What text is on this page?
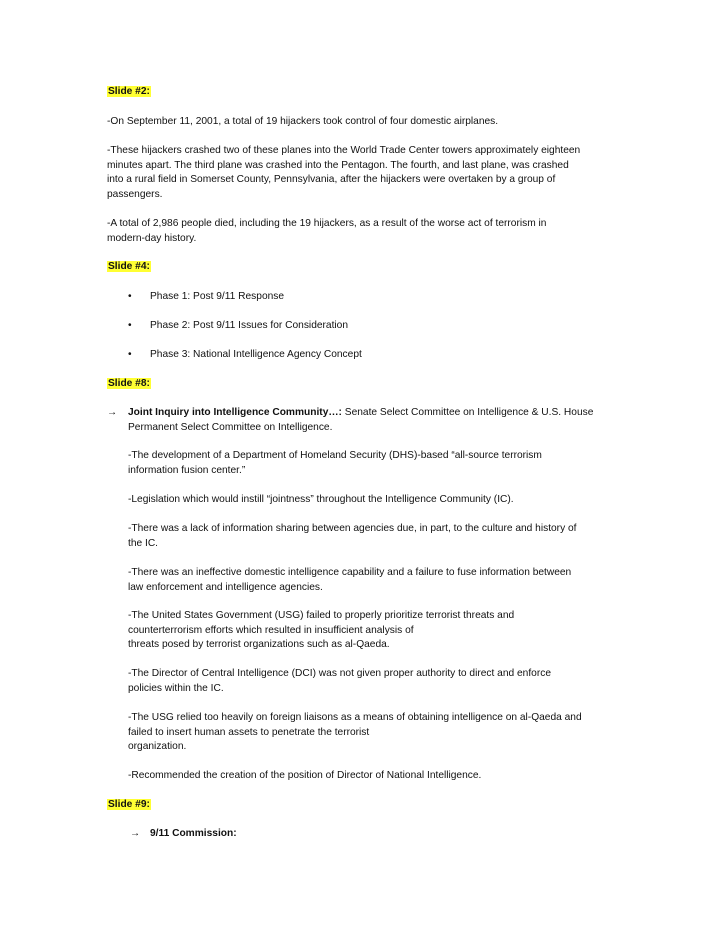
Slide #2:
-On September 11, 2001, a total of 19 hijackers took control of four domestic airplanes.
-These hijackers crashed two of these planes into the World Trade Center towers approximately eighteen
minutes apart. The third plane was crashed into the Pentagon. The fourth, and last plane, was crashed
into a rural field in Somerset County, Pennsylvania, after the hijackers were overtaken by a group of
passengers.
-A total of 2,986 people died, including the 19 hijackers, as a result of the worse act of terrorism in
modern-day history.
Slide #4:
• Phase 1: Post 9/11 Response
• Phase 2: Post 9/11 Issues for Consideration
• Phase 3: National Intelligence Agency Concept
Slide #8:
→ Joint Inquiry into Intelligence Community…: Senate Select Committee on Intelligence & U.S. House
Permanent Select Committee on Intelligence.
-The development of a Department of Homeland Security (DHS)-based “all-source terrorism
information fusion center.”
-Legislation which would instill “jointness” throughout the Intelligence Community (IC).
-There was a lack of information sharing between agencies due, in part, to the culture and history of
the IC.
-There was an ineffective domestic intelligence capability and a failure to fuse information between
law enforcement and intelligence agencies.
-The United States Government (USG) failed to properly prioritize terrorist threats and
counterterrorism efforts which resulted in insufficient analysis of
threats posed by terrorist organizations such as al-Qaeda.
-The Director of Central Intelligence (DCI) was not given proper authority to direct and enforce
policies within the IC.
-The USG relied too heavily on foreign liaisons as a means of obtaining intelligence on al-Qaeda and
failed to insert human assets to penetrate the terrorist
organization.
-Recommended the creation of the position of Director of National Intelligence.
Slide #9:
→ 9/11 Commission:
